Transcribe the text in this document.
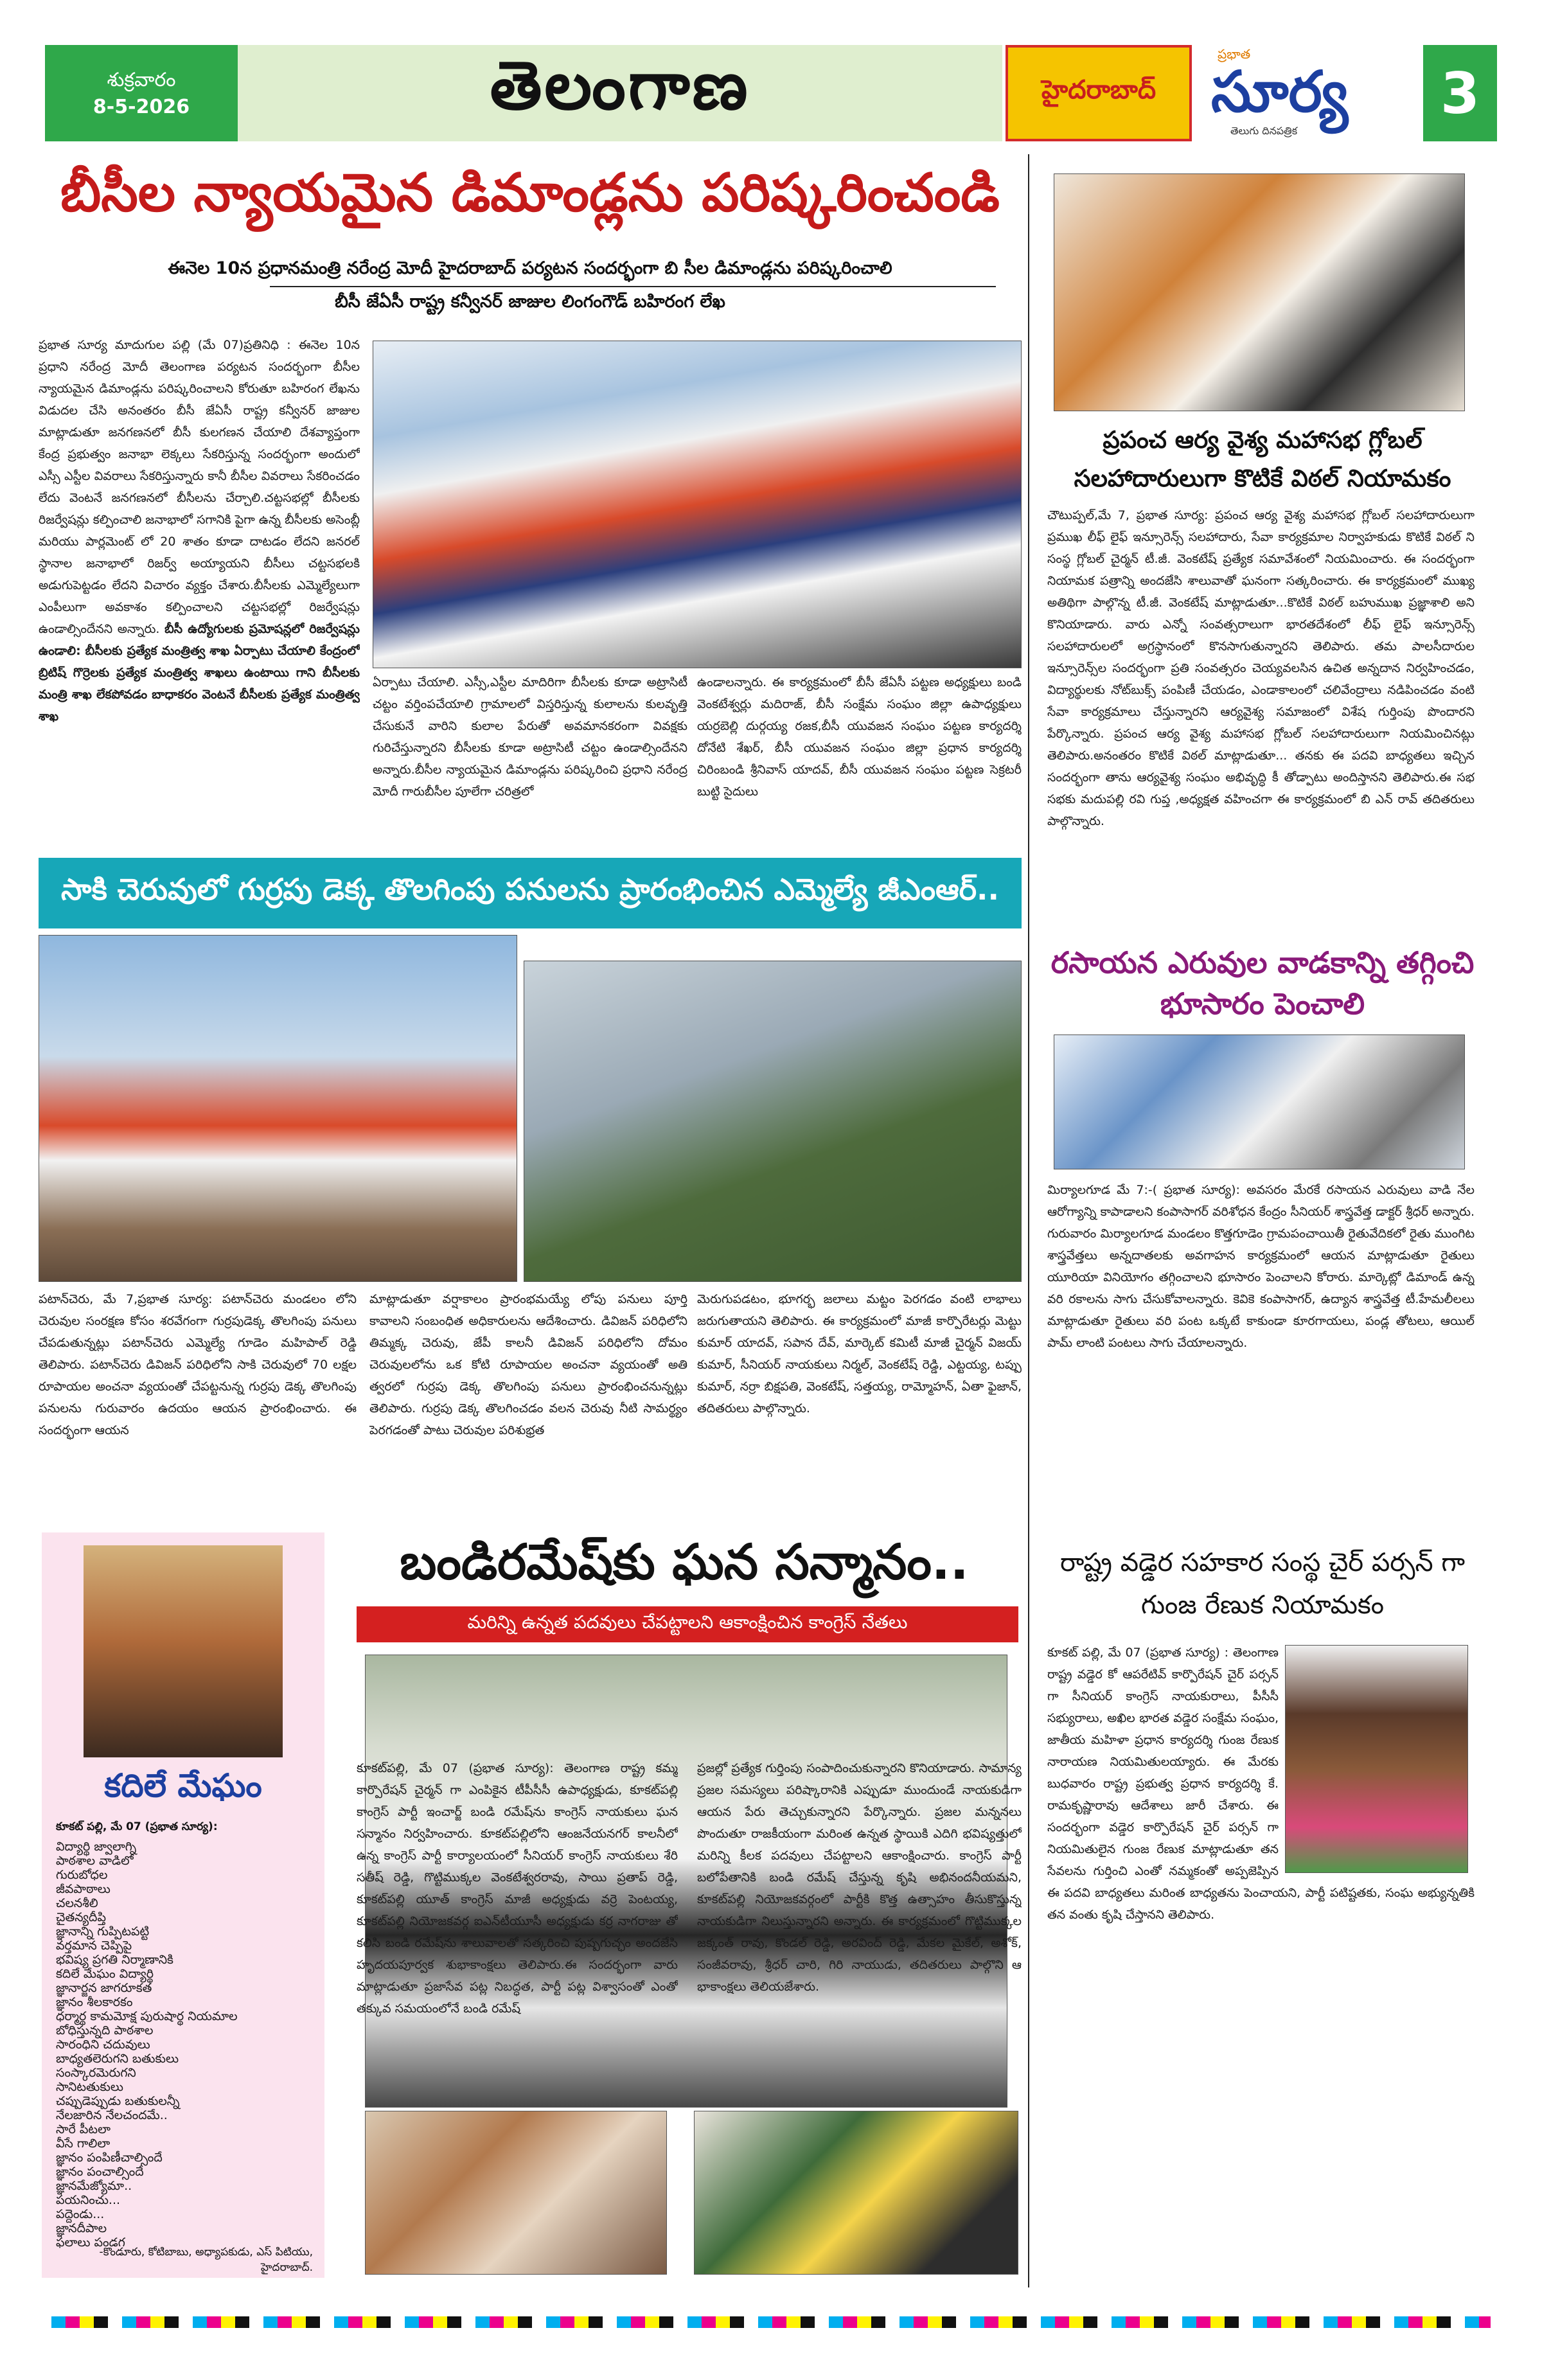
శుక్రవారం
8-5-2026	తెలంగాణ	హైదరాబాద్
ప్రభాత
సూర్య
తెలుగు దినపత్రిక
3
బీసీల న్యాయమైన డిమాండ్లను పరిష్కరించండి
ఈనెల 10న ప్రధానమంత్రి నరేంద్ర మోదీ హైదరాబాద్ పర్యటన సందర్భంగా బి సీల డిమాండ్లను పరిష్కరించాలి
బీసీ జేఏసీ రాష్ట్ర కన్వీనర్ జాజుల లింగంగౌడ్ బహిరంగ లేఖ
ప్రభాత సూర్య మాదుగుల పల్లి (మే 07)ప్రతినిధి : ఈనెల 10న ప్రధాని నరేంద్ర మోదీ తెలంగాణ పర్యటన సందర్భంగా బీసీల న్యాయమైన డిమాండ్లను పరిష్కరించాలని కోరుతూ బహిరంగ లేఖను విడుదల చేసి అనంతరం బీసీ జేఏసీ రాష్ట్ర కన్వీనర్ జాజుల మాట్లాడుతూ జనగణనలో బీసీ కులగణన చేయాలి దేశవ్యాప్తంగా కేంద్ర ప్రభుత్వం జనాభా లెక్కలు సేకరిస్తున్న సందర్భంగా అందులో ఎస్సీ ఎస్టీల వివరాలు సేకరిస్తున్నారు కానీ బీసీల వివరాలు సేకరించడం లేదు వెంటనే జనగణనలో బీసీలను చేర్చాలి.చట్టసభల్లో బీసీలకు రిజర్వేషన్లు కల్పించాలి జనాభాలో సగానికి పైగా ఉన్న బీసీలకు అసెంబ్లీ మరియు పార్లమెంట్ లో 20 శాతం కూడా దాటడం లేదని జనరల్ స్థానాల జనాభాలో రిజర్వ్ అయ్యాయని బీసీలు చట్టసభలకి అడుగుపెట్టడం లేదని విచారం వ్యక్తం చేశారు.బీసీలకు ఎమ్మెల్యేలుగా ఎంపీలుగా అవకాశం కల్పించాలని చట్టసభల్లో రిజర్వేషన్లు ఉండాల్సిందేనని అన్నారు. బీసీ ఉద్యోగులకు ప్రమోషన్లలో రిజర్వేషన్లు ఉండాలి: బీసీలకు ప్రత్యేక మంత్రిత్వ శాఖ ఏర్పాటు చేయాలి కేంద్రంలో బ్రిటిష్ గొర్రెలకు ప్రత్యేక మంత్రిత్వ శాఖలు ఉంటాయి గాని బీసీలకు మంత్రి శాఖ లేకపోవడం బాధాకరం వెంటనే బీసీలకు ప్రత్యేక మంత్రిత్వ శాఖ
ఏర్పాటు చేయాలి. ఎస్సీ,ఎస్టీల మాదిరిగా బీసీలకు కూడా అట్రాసిటీ చట్టం వర్తింపచేయాలి గ్రామాలలో విస్తరిస్తున్న కులాలను కులవృత్తి చేసుకునే వారిని కులాల పేరుతో అవమానకరంగా వివక్షకు గురిచేస్తున్నారని బీసీలకు కూడా అట్రాసిటీ చట్టం ఉండాల్సిందేనని అన్నారు.బీసీల న్యాయమైన డిమాండ్లను పరిష్కరించి ప్రధాని నరేంద్ర మోదీ గారుబీసీల పూలేగా చరిత్రలో
ఉండాలన్నారు. ఈ కార్యక్రమంలో బీసీ జేఏసీ పట్టణ అధ్యక్షులు బండి వెంకటేశ్వర్లు మదిరాజ్, బీసీ సంక్షేమ సంఘం జిల్లా ఉపాధ్యక్షులు యర్రబెల్లి దుర్గయ్య రజక,బీసీ యువజన సంఘం పట్టణ కార్యదర్శి దోనేటి శేఖర్, బీసీ యువజన సంఘం జిల్లా ప్రధాన కార్యదర్శి చిరింబండి శ్రీనివాస్ యాదవ్, బీసీ యువజన సంఘం పట్టణ సెక్రటరీ బుట్టి సైదులు
సాకి చెరువులో గుర్రపు డెక్క తొలగింపు పనులను ప్రారంభించిన ఎమ్మెల్యే జీఎంఆర్..
పటాన్‌చెరు, మే 7,ప్రభాత సూర్య: పటాన్‌చెరు మండలం లోని చెరువుల సంరక్షణ కోసం శరవేగంగా గుర్రపుడెక్క తొలగింపు పనులు చేపడుతున్నట్లు పటాన్‌చెరు ఎమ్మెల్యే గూడెం మహిపాల్ రెడ్డి తెలిపారు. పటాన్‌చెరు డివిజన్ పరిధిలోని సాకి చెరువులో 70 లక్షల రూపాయల అంచనా వ్యయంతో చేపట్టనున్న గుర్రపు డెక్క తొలగింపు పనులను గురువారం ఉదయం ఆయన ప్రారంభించారు. ఈ సందర్భంగా ఆయన
మాట్లాడుతూ వర్షాకాలం ప్రారంభమయ్యే లోపు పనులు పూర్తి కావాలని సంబంధిత అధికారులను ఆదేశించారు. డివిజన్ పరిధిలోని తిమ్మక్క చెరువు, జేపీ కాలనీ డివిజన్ పరిధిలోని దోమం చెరువులలోను ఒక కోటి రూపాయల అంచనా వ్యయంతో అతి త్వరలో గుర్రపు డెక్క తొలగింపు పనులు ప్రారంభించనున్నట్లు తెలిపారు. గుర్రపు డెక్క తొలగించడం వలన చెరువు నీటి సామర్థ్యం పెరగడంతో పాటు చెరువుల పరిశుభ్రత
మెరుగుపడటం, భూగర్భ జలాలు మట్టం పెరగడం వంటి లాభాలు జరుగుతాయని తెలిపారు. ఈ కార్యక్రమంలో మాజీ కార్పొరేటర్లు మెట్టు కుమార్ యాదవ్, సపాన దేవ్, మార్కెట్ కమిటీ మాజీ చైర్మన్ విజయ్ కుమార్, సీనియర్ నాయకులు నిర్మల్, వెంకటేష్ రెడ్డి, ఎట్టయ్య, టప్పు కుమార్, నర్రా బిక్షపతి, వెంకటేష్, సత్తయ్య, రామ్మోహన్, ఏతా ఫైజాన్, తదితరులు పాల్గొన్నారు.
కదిలే మేఘం
కూకట్ పల్లి, మే 07 (ప్రభాత సూర్య):

విద్యార్థి జ్వాలాగ్ని

పాఠశాల వాడిలో

గురుబోధల

జీవపాఠాలు

చలనశీలి

చైతన్యదీప్తి

జ్ఞానాన్ని గుప్పిటపట్టి

వర్తమాన చెప్పిపై

భవిష్య ప్రగతి నిర్మాణానికి

కదిలే మేఘం విద్యార్థి

జ్ఞానార్జన జాగరూకత

జ్ఞానం శీలకారకం

ధర్మార్థ కామమోక్ష పురుషార్థ నియమాల

బోధిస్తున్నది పాఠశాల

సారంధిని చదువులు

బాధ్యతలెరుగని బతుకులు

సంస్కారమెరుగని

సానిటతుకులు

చప్పుడెప్పుడు బతుకులన్నీ

నేలజారిన నేలచందమే..

సారే పీటలా

వీసే గాలిలా

జ్ఞానం పంపిణీచాల్సిందే

జ్ఞానం పంచాల్సిందే

జ్ఞానమేజ్యోమా..

పయనించు...

పద్దెండు...

జ్ఞానదీపాల

ఫలాలు పండగ

-కొండూరు, కోటిబాబు, అధ్యాపకుడు, ఎస్ పిటియు, హైదరాబాద్.
బండిరమేష్‌కు ఘన సన్మానం..
మరిన్ని ఉన్నత పదవులు చేపట్టాలని ఆకాంక్షించిన కాంగ్రెస్ నేతలు
కూకట్‌పల్లి, మే 07 (ప్రభాత సూర్య): తెలంగాణ రాష్ట్ర కమ్మ కార్పొరేషన్ చైర్మన్ గా ఎంపికైన టీపీసీసీ ఉపాధ్యక్షుడు, కూకట్‌పల్లి కాంగ్రెస్ పార్టీ ఇంచార్జ్ బండి రమేష్‌ను కాంగ్రెస్ నాయకులు ఘన సన్మానం నిర్వహించారు. కూకట్‌పల్లిలోని ఆంజనేయనగర్ కాలనీలో ఉన్న కాంగ్రెస్ పార్టీ కార్యాలయంలో సీనియర్ కాంగ్రెస్ నాయకులు శేరి సతీష్ రెడ్డి, గొట్టిముక్కల వెంకటేశ్వరరావు, సాయి ప్రతాప్ రెడ్డి, కూకట్‌పల్లి యూత్ కాంగ్రెస్ మాజీ అధ్యక్షుడు వర్రె పెంటయ్య, కూకట్‌పల్లి నియోజకవర్గ ఐఎన్‌టీయూసీ అధ్యక్షుడు కర్ర నాగరాజు తో కలిసి బండి రమేష్‌ను శాలువాలతో సత్కరించి పుష్పగుచ్ఛం అందజేసి హృదయపూర్వక శుభాకాంక్షలు తెలిపారు.ఈ సందర్భంగా వారు మాట్లాడుతూ ప్రజాసేవ పట్ల నిబద్ధత, పార్టీ పట్ల విశ్వాసంతో ఎంతో తక్కువ సమయంలోనే బండి రమేష్
ప్రజల్లో ప్రత్యేక గుర్తింపు సంపాదించుకున్నారని కొనియాడారు. సామాన్య ప్రజల సమస్యలు పరిష్కారానికి ఎప్పుడూ ముందుండే నాయకుడిగా ఆయన పేరు తెచ్చుకున్నారని పేర్కొన్నారు. ప్రజల మన్ననలు పొందుతూ రాజకీయంగా మరింత ఉన్నత స్థాయికి ఎదిగి భవిష్యత్తులో మరిన్ని కీలక పదవులు చేపట్టాలని ఆకాంక్షించారు. కాంగ్రెస్ పార్టీ బలోపేతానికి బండి రమేష్ చేస్తున్న కృషి అభినందనీయమని, కూకట్‌పల్లి నియోజకవర్గంలో పార్టీకి కొత్త ఉత్సాహం తీసుకొస్తున్న నాయకుడిగా నిలుస్తున్నారని అన్నారు. ఈ కార్యక్రమంలో గొట్టిముక్కల జక్కంత్ రావు, కొండల్ రెడ్డి, అరవింద్ రెడ్డి, మేకల మైకేల్, అశోక్, సంజీవరావు, శ్రీధర్ చారి, గిరి నాయుడు, తదితరులు పాల్గొని ఆ భాకాంక్షలు తెలియజేశారు.
ప్రపంచ ఆర్య వైశ్య మహాసభ గ్లోబల్ సలహాదారులుగా కొటికే విఠల్ నియామకం
చౌటుప్పల్,మే 7, ప్రభాత సూర్య: ప్రపంచ ఆర్య వైశ్య మహాసభ గ్లోబల్ సలహాదారులుగా ప్రముఖ లీఫ్ లైఫ్ ఇన్సూరెన్స్ సలహాదారు, సేవా కార్యక్రమాల నిర్వాహకుడు కొటికే విఠల్ ని సంస్థ గ్లోబల్ చైర్మన్ టీ.జీ. వెంకటేష్ ప్రత్యేక సమావేశంలో నియమించారు. ఈ సందర్భంగా నియామక పత్రాన్ని అందజేసి శాలువాతో ఘనంగా సత్కరించారు. ఈ కార్యక్రమంలో ముఖ్య అతిథిగా పాల్గొన్న టీ.జీ. వెంకటేష్ మాట్లాడుతూ...కొటికే విఠల్ బహుముఖ ప్రజ్ఞాశాలి అని కొనియాడారు. వారు ఎన్నో సంవత్సరాలుగా భారతదేశంలో లీఫ్ లైఫ్ ఇన్సూరెన్స్ సలహాదారులలో అగ్రస్థానంలో కొనసాగుతున్నారని తెలిపారు. తమ పాలసీదారుల ఇన్సూరెన్స్‌ల సందర్భంగా ప్రతి సంవత్సరం చెయ్యవలసిన ఉచిత అన్నదాన నిర్వహించడం, విద్యార్థులకు నోట్‌బుక్స్ పంపిణీ చేయడం, ఎండాకాలంలో చలివేంద్రాలు నడిపించడం వంటి సేవా కార్యక్రమాలు చేస్తున్నారని ఆర్యవైశ్య సమాజంలో విశేష గుర్తింపు పొందారని పేర్కొన్నారు. ప్రపంచ ఆర్య వైశ్య మహాసభ గ్లోబల్ సలహాదారులుగా నియమించినట్లు తెలిపారు.అనంతరం కొటికే విఠల్ మాట్లాడుతూ... తనకు ఈ పదవి బాధ్యతలు ఇచ్చిన సందర్భంగా తాను ఆర్యవైశ్య సంఘం అభివృద్ధి కీ తోడ్పాటు అందిస్తానని తెలిపారు.ఈ సభ సభకు మదుపల్లి రవి గుప్త ,అధ్యక్షత వహించగా ఈ కార్యక్రమంలో బి ఎన్ రావ్ తదితరులు పాల్గొన్నారు.
రసాయన ఎరువుల వాడకాన్ని తగ్గించి భూసారం పెంచాలి
మిర్యాలగూడ మే 7:-( ప్రభాత సూర్య): అవసరం మేరకే రసాయన ఎరువులు వాడి నేల ఆరోగ్యాన్ని కాపాడాలని కంపాసాగర్ వరిశోధన కేంద్రం సీనియర్ శాస్త్రవేత్త డాక్టర్ శ్రీధర్ అన్నారు. గురువారం మిర్యాలగూడ మండలం కొత్తగూడెం గ్రామపంచాయితీ రైతువేదికలో రైతు ముంగిట శాస్త్రవేత్తలు అన్నదాతలకు అవగాహన కార్యక్రమంలో ఆయన మాట్లాడుతూ రైతులు యూరియా వినియోగం తగ్గించాలని భూసారం పెంచాలని కోరారు. మార్కెట్లో డిమాండ్ ఉన్న వరి రకాలను సాగు చేసుకోవాలన్నారు. కెవికె కంపాసాగర్, ఉద్యాన శాస్త్రవేత్త టీ.హేమలీలలు మాట్లాడుతూ రైతులు వరి పంట ఒక్కటే కాకుండా కూరగాయలు, పండ్ల తోటలు, ఆయిల్ పామ్ లాంటి పంటలు సాగు చేయాలన్నారు.
రాష్ట్ర వడ్డెర సహకార సంస్థ చైర్ పర్సన్ గా గుంజ రేణుక నియామకం
కూకట్ పల్లి, మే 07 (ప్రభాత సూర్య) : తెలంగాణ రాష్ట్ర వడ్డెర కో ఆపరేటివ్ కార్పొరేషన్ చైర్ పర్సన్ గా సీనియర్ కాంగ్రెస్ నాయకురాలు, పీసీసీ సభ్యురాలు, అఖిల భారత వడ్డెర సంక్షేమ సంఘం, జాతీయ మహిళా ప్రధాన కార్యదర్శి గుంజ రేణుక నారాయణ నియమితులయ్యారు. ఈ మేరకు బుధవారం రాష్ట్ర ప్రభుత్వ ప్రధాన కార్యదర్శి కే. రామకృష్ణారావు ఆదేశాలు జారీ చేశారు. ఈ సందర్భంగా వడ్డెర కార్పొరేషన్ చైర్ పర్సన్ గా నియమితులైన గుంజ రేణుక మాట్లాడుతూ తన సేవలను గుర్తించి ఎంతో నమ్మకంతో అప్పజెప్పిన ఈ పదవి బాధ్యతలు మరింత బాధ్యతను పెంచాయని, పార్టీ పటిష్టతకు, సంఘ అభ్యున్నతికి తన వంతు కృషి చేస్తానని తెలిపారు.
